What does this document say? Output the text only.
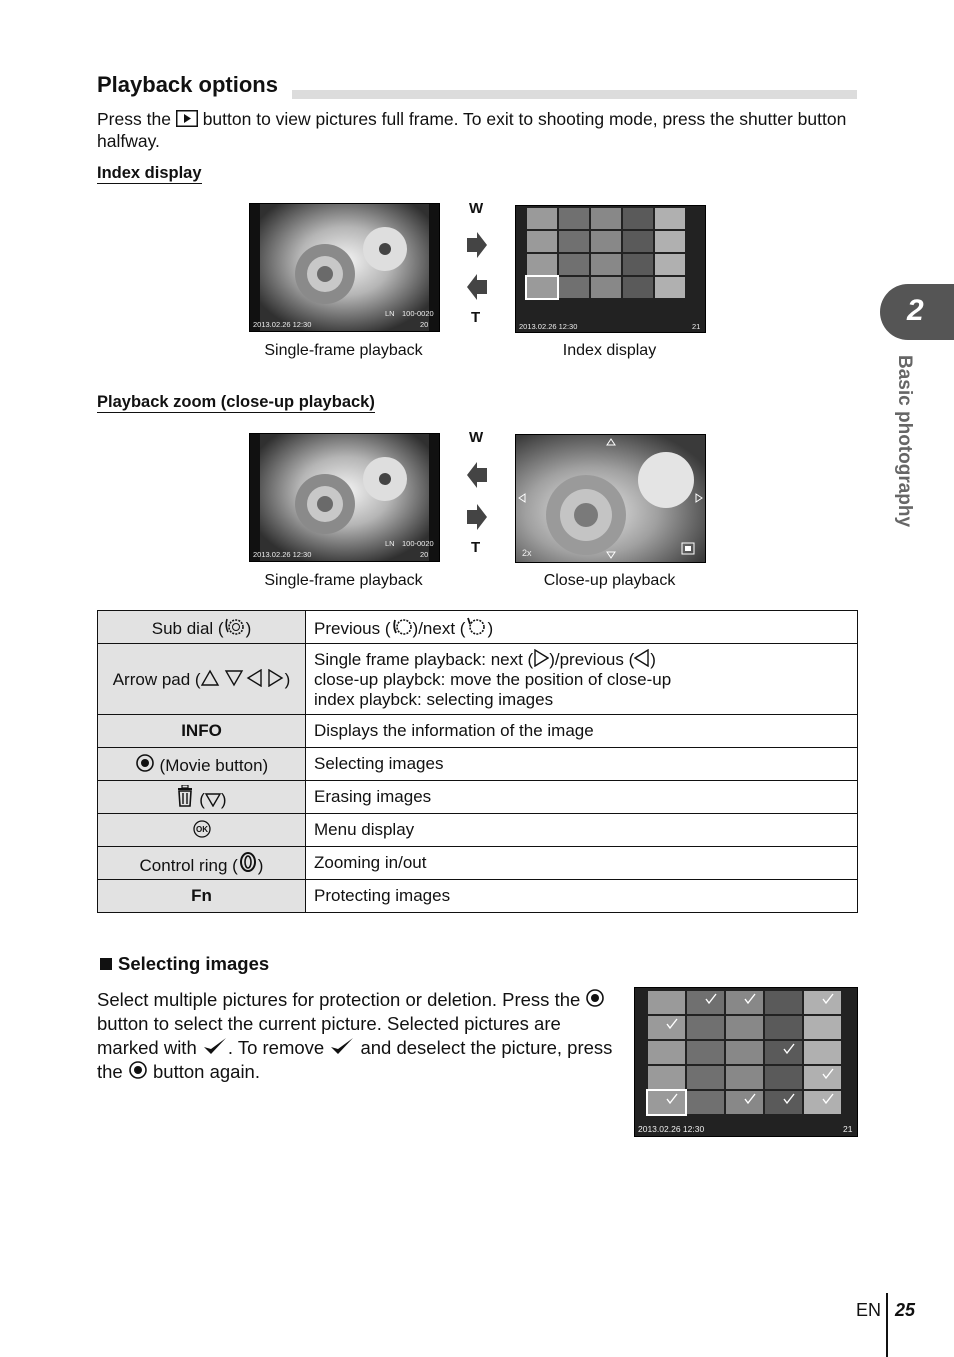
Playback options
Press the button to view pictures full frame. To exit to shooting mode, press the shutter button halfway.
Index display
2013.02.26 12:30
LN 100-0020
20
W
T
2013.02.26 12:30	21
Single-frame playback	Index display
Playback zoom (close-up playback)
2013.02.26 12:30
LN 100-0020
20
W
T	2x
Single-frame playback	Close-up playback
Sub dial ( )	Previous ( )/next ( )
Arrow pad ( )	Single frame playback: next ( )/previous ( )
close-up playbck: move the position of close-up
index playbck: selecting images

INFO	Displays the information of the image
(Movie button)	Selecting images
( )	Erasing images

OK	Menu display
Control ring ( )	Zooming in/out
Fn	Protecting images
Selecting images
Select multiple pictures for protection or deletion. Press the  button to select the current picture. Selected pictures are marked with . To remove and deselect the picture, press the button again.
2013.02.26 12:30	21
2
Basic photography
EN 25
